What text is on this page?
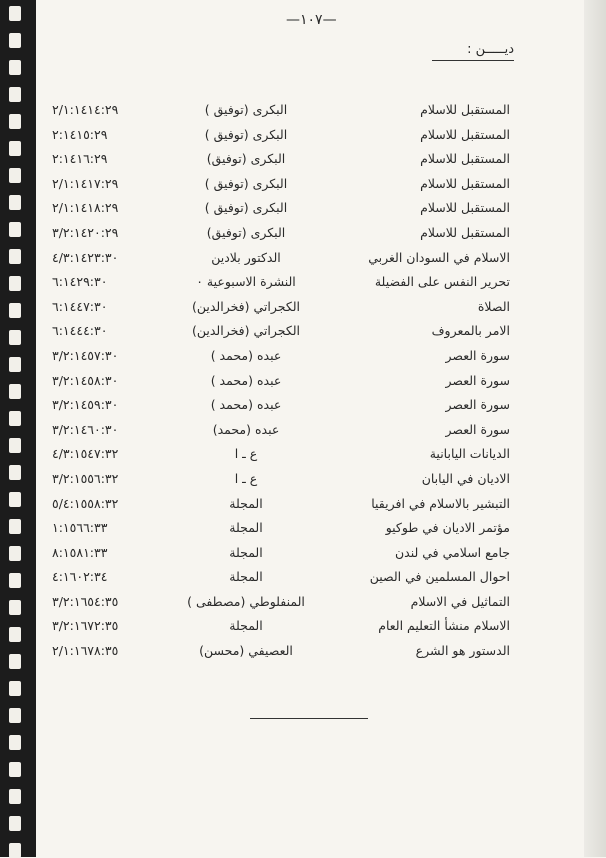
—١٠٧—
ديـــــن :
المستقبل للاسلام
البكرى (توفيق )
٢/١:١٤١٤:٢٩
المستقبل للاسلام
البكرى (توفيق )
٢:١٤١٥:٢٩
المستقبل للاسلام
البكرى (توفيق)
٢:١٤١٦:٢٩
المستقبل للاسلام
البكرى (توفيق )
٢/١:١٤١٧:٢٩
المستقبل للاسلام
البكرى (توفيق )
٢/١:١٤١٨:٢٩
المستقبل للاسلام
البكرى (توفيق)
٣/٢:١٤٢٠:٢٩
الاسلام في السودان الغربي
الدكتور بلادين
٤/٣:١٤٢٣:٣٠
تحرير النفس على الفضيلة
النشرة الاسبوعية ٠
٦:١٤٢٩:٣٠
الصلاة
الكجراتي (فخرالدين)
٦:١٤٤٧:٣٠
الامر بالمعروف
الكجراتي (فخرالدين)
٦:١٤٤٤:٣٠
سورة العصر
عبده (محمد )
٣/٢:١٤٥٧:٣٠
سورة العصر
عبده (محمد )
٣/٢:١٤٥٨:٣٠
سورة العصر
عبده (محمد )
٣/٢:١٤٥٩:٣٠
سورة العصر
عبده (محمد)
٣/٢:١٤٦٠:٣٠
الديانات اليابانية
ع ـ ا
٤/٣:١٥٤٧:٣٢
الاديان في اليابان
ع ـ ا
٣/٢:١٥٥٦:٣٢
التبشير بالاسلام في افريقيا
المجلة
٥/٤:١٥٥٨:٣٢
مؤتمر الاديان في طوكيو
المجلة
١:١٥٦٦:٣٣
جامع اسلامي في لندن
المجلة
٨:١٥٨١:٣٣
احوال المسلمين في الصين
المجلة
٤:١٦٠٢:٣٤
التماثيل في الاسلام
المنفلوطي (مصطفى )
٣/٢:١٦٥٤:٣٥
الاسلام منشأ التعليم العام
المجلة
٣/٢:١٦٧٢:٣٥
الدستور هو الشرع
العصيفي (محسن)
٢/١:١٦٧٨:٣٥
